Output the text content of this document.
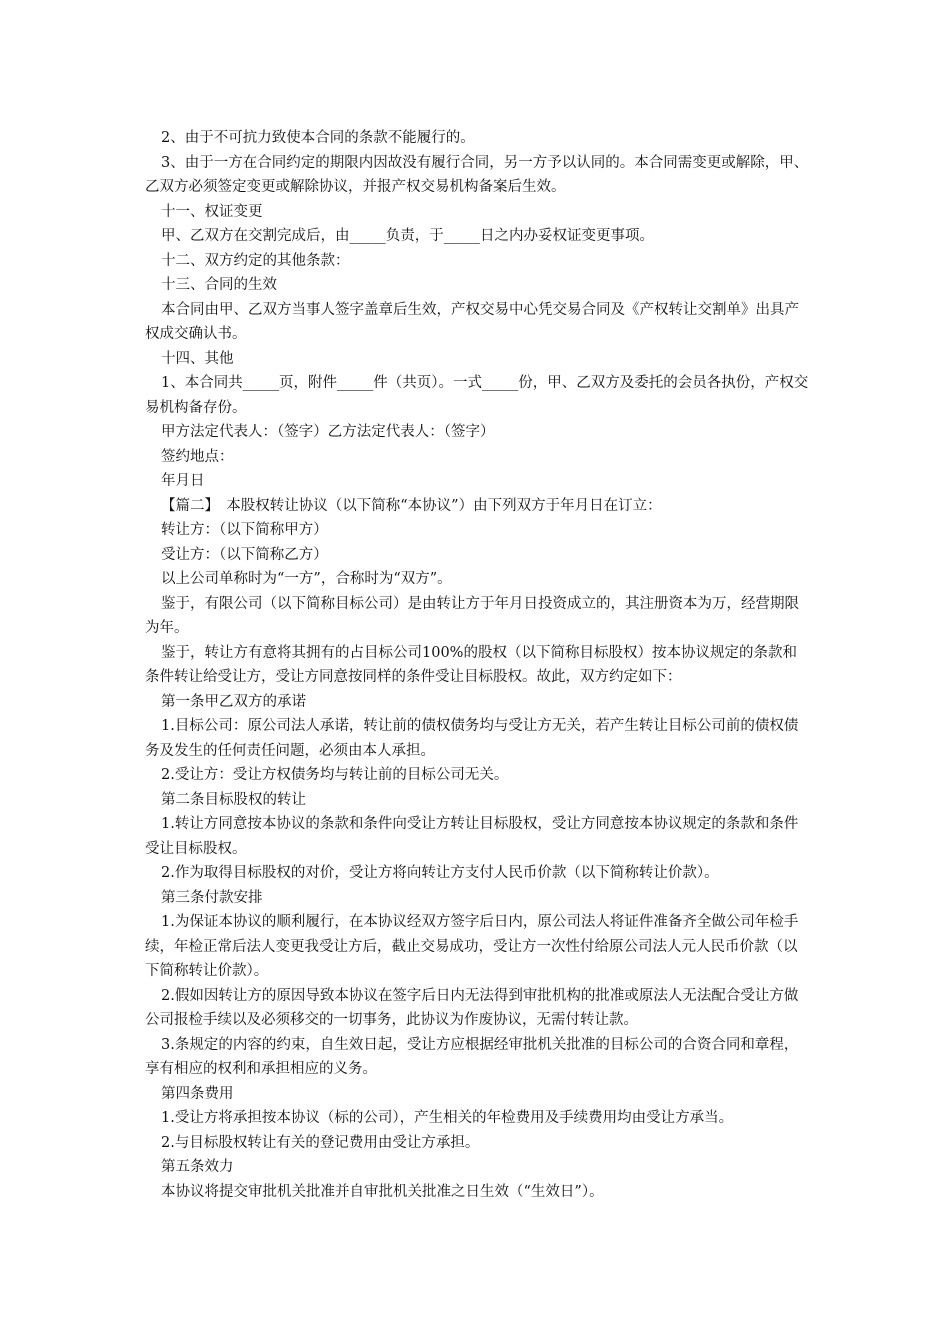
2、由于不可抗力致使本合同的条款不能履行的。

3、由于一方在合同约定的期限内因故没有履行合同，另一方予以认同的。本合同需变更或解除，甲、乙双方必须签定变更或解除协议，并报产权交易机构备案后生效。

十一、权证变更

甲、乙双方在交割完成后，由_____负责，于_____日之内办妥权证变更事项。

十二、双方约定的其他条款：

十三、合同的生效

本合同由甲、乙双方当事人签字盖章后生效，产权交易中心凭交易合同及《产权转让交割单》出具产权成交确认书。

十四、其他

1、本合同共_____页，附件_____件（共页）。一式_____份，甲、乙双方及委托的会员各执份，产权交易机构备存份。

甲方法定代表人：（签字）乙方法定代表人：（签字）

签约地点：

年月日

【篇二】　本股权转让协议（以下简称“本协议”）由下列双方于年月日在订立：

转让方：（以下简称甲方）

受让方：（以下简称乙方）

以上公司单称时为“一方”，合称时为“双方”。

鉴于，有限公司（以下简称目标公司）是由转让方于年月日投资成立的，其注册资本为万，经营期限为年。

鉴于，转让方有意将其拥有的占目标公司100%的股权（以下简称目标股权）按本协议规定的条款和条件转让给受让方，受让方同意按同样的条件受让目标股权。故此，双方约定如下：

第一条甲乙双方的承诺

1.目标公司：原公司法人承诺，转让前的债权债务均与受让方无关，若产生转让目标公司前的债权债务及发生的任何责任问题，必须由本人承担。

2.受让方：受让方权债务均与转让前的目标公司无关。

第二条目标股权的转让

1.转让方同意按本协议的条款和条件向受让方转让目标股权，受让方同意按本协议规定的条款和条件受让目标股权。

2.作为取得目标股权的对价，受让方将向转让方支付人民币价款（以下简称转让价款）。

第三条付款安排

1.为保证本协议的顺利履行，在本协议经双方签字后日内，原公司法人将证件准备齐全做公司年检手续，年检正常后法人变更我受让方后，截止交易成功，受让方一次性付给原公司法人元人民币价款（以下简称转让价款）。

2.假如因转让方的原因导致本协议在签字后日内无法得到审批机构的批准或原法人无法配合受让方做公司报检手续以及必须移交的一切事务，此协议为作废协议，无需付转让款。

3.条规定的内容的约束，自生效日起，受让方应根据经审批机关批准的目标公司的合资合同和章程，享有相应的权利和承担相应的义务。

第四条费用

1.受让方将承担按本协议（标的公司），产生相关的年检费用及手续费用均由受让方承当。

2.与目标股权转让有关的登记费用由受让方承担。

第五条效力

本协议将提交审批机关批准并自审批机关批准之日生效（“生效日”）。
